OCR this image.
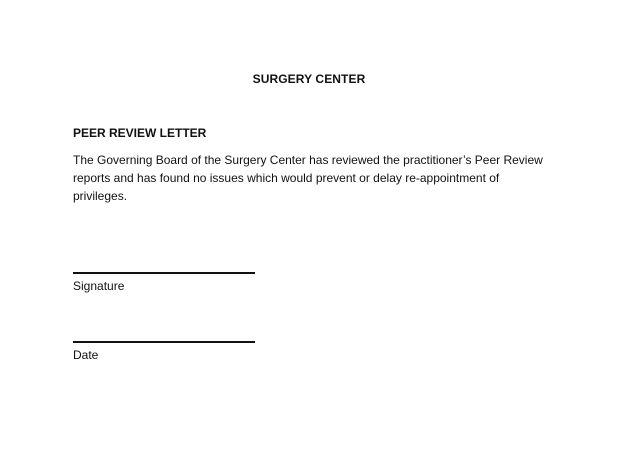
SURGERY CENTER
PEER REVIEW LETTER
The Governing Board of the Surgery Center has reviewed the practitioner’s Peer Review reports and has found no issues which would prevent or delay re-appointment of privileges.
Signature
Date
